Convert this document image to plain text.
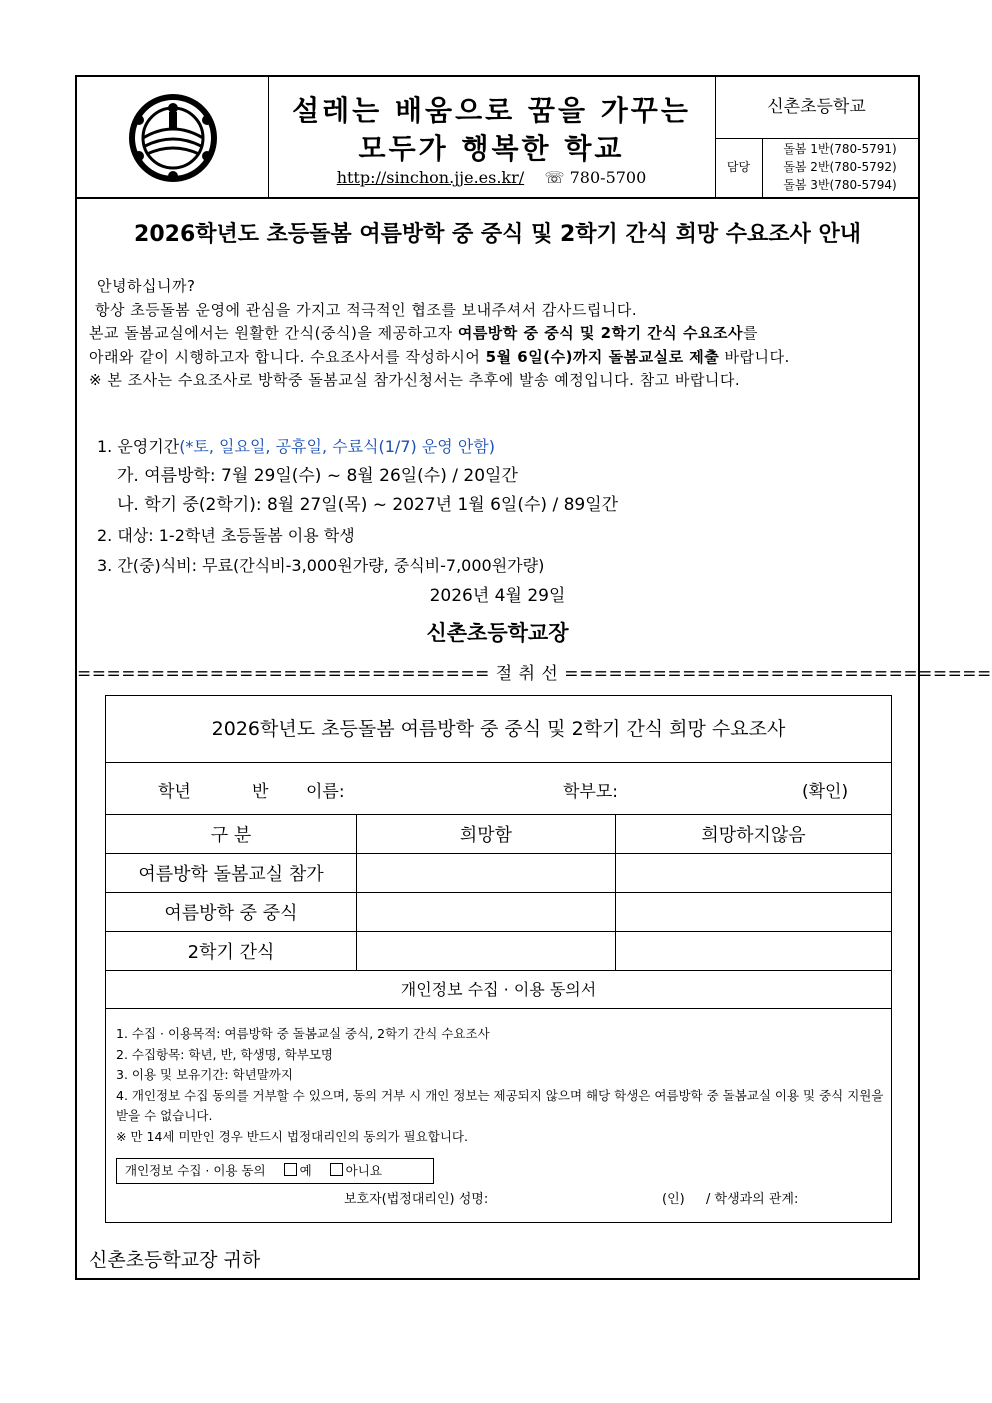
설레는 배움으로 꿈을 가꾸는
모두가 행복한 학교
http://sinchon.jje.es.kr/ ☏ 780-5700
신촌초등학교
담당
돌봄 1반(780-5791)
돌봄 2반(780-5792)
돌봄 3반(780-5794)
2026학년도 초등돌봄 여름방학 중 중식 및 2학기 간식 희망 수요조사 안내
안녕하십니까?
항상 초등돌봄 운영에 관심을 가지고 적극적인 협조를 보내주셔서 감사드립니다.
본교 돌봄교실에서는 원활한 간식(중식)을 제공하고자 여름방학 중 중식 및 2학기 간식 수요조사를
아래와 같이 시행하고자 합니다. 수요조사서를 작성하시어 5월 6일(수)까지 돌봄교실로 제출 바랍니다.
※ 본 조사는 수요조사로 방학중 돌봄교실 참가신청서는 추후에 발송 예정입니다. 참고 바랍니다.
1. 운영기간(*토, 일요일, 공휴일, 수료식(1/7) 운영 안함)
가. 여름방학: 7월 29일(수) ~ 8월 26일(수) / 20일간
나. 학기 중(2학기): 8월 27일(목) ~ 2027년 1월 6일(수) / 89일간
2. 대상: 1-2학년 초등돌봄 이용 학생
3. 간(중)식비: 무료(간식비-3,000원가량, 중식비-7,000원가량)
2026년 4월 29일
신촌초등학교장
============================ 절 취 선 =============================
2026학년도 초등돌봄 여름방학 중 중식 및 2학기 간식 희망 수요조사
학년	반 이름:	학부모:	(확인)
구 분	희망함	희망하지않음
여름방학 돌봄교실 참가
여름방학 중 중식
2학기 간식
개인정보 수집 · 이용 동의서
1. 수집 · 이용목적: 여름방학 중 돌봄교실 중식, 2학기 간식 수요조사
2. 수집항목: 학년, 반, 학생명, 학부모명
3. 이용 및 보유기간: 학년말까지
4. 개인정보 수집 동의를 거부할 수 있으며, 동의 거부 시 개인 정보는 제공되지 않으며 해당 학생은 여름방학 중 돌봄교실 이용 및 중식 지원을 받을 수 없습니다.
※ 만 14세 미만인 경우 반드시 법정대리인의 동의가 필요합니다.
개인정보 수집 · 이용 동의	예	아니요
보호자(법정대리인) 성명:	(인) / 학생과의 관계:
신촌초등학교장 귀하
